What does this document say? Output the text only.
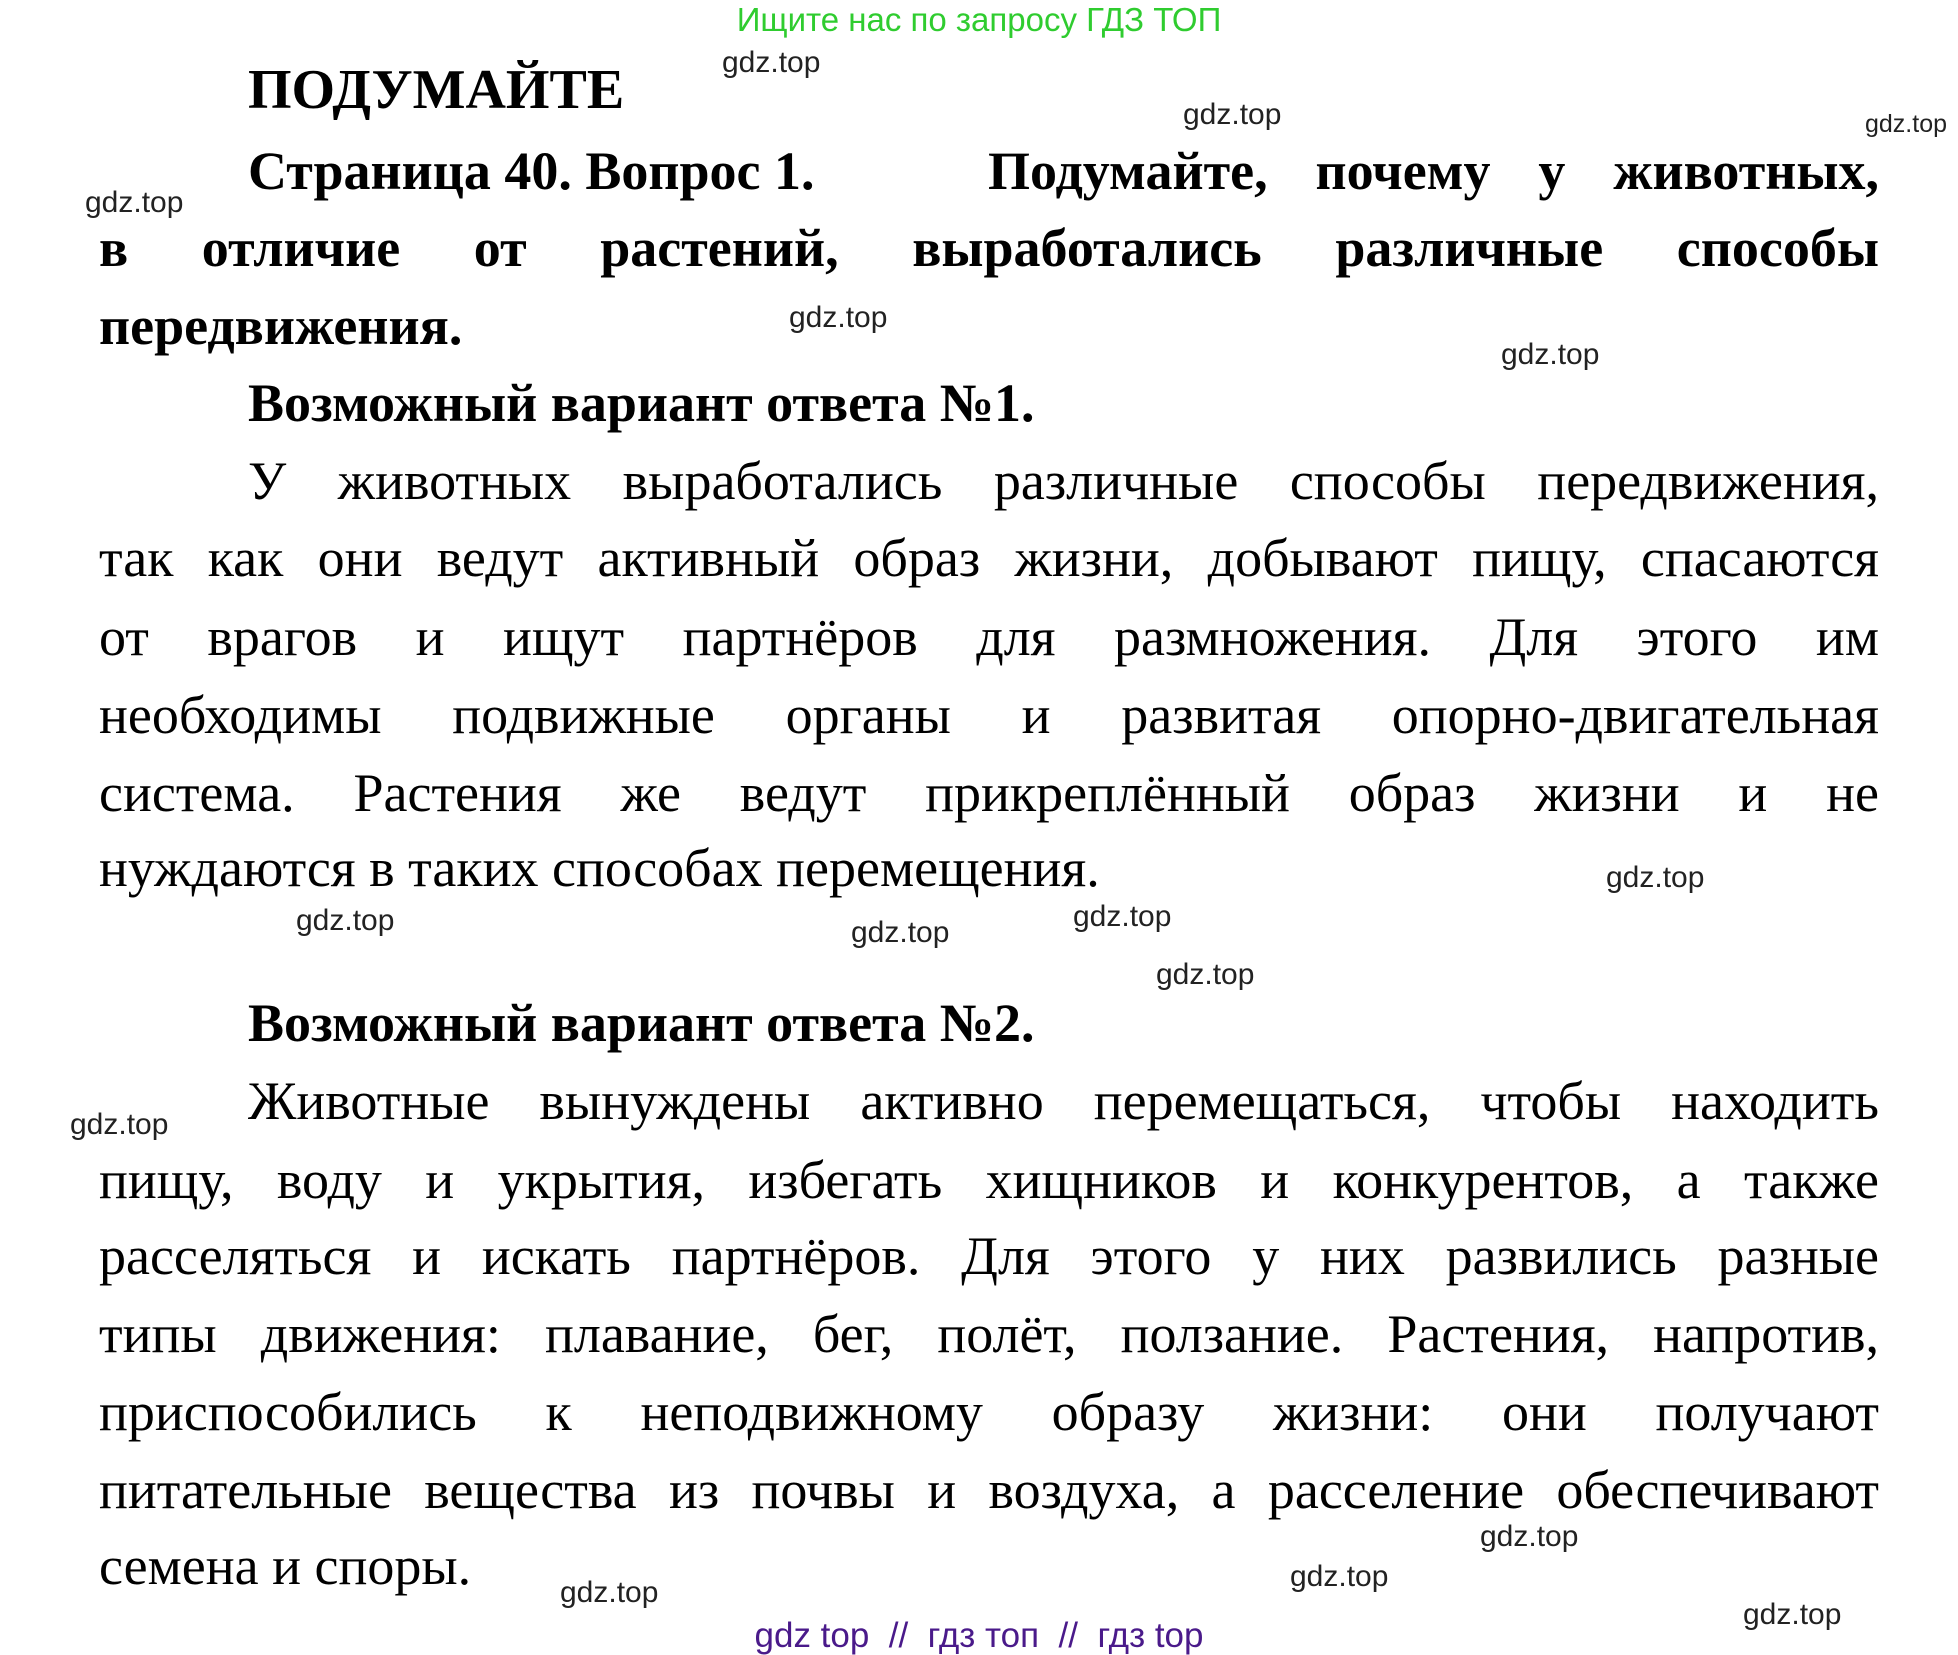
Ищите нас по запросу ГДЗ ТОП
ПОДУМАЙТЕ
Страница 40. Вопрос 1.	Подумайте, почему у животных,
в отличие от растений, выработались различные способы
передвижения.
Возможный вариант ответа №1.
У животных выработались различные способы передвижения,
так как они ведут активный образ жизни, добывают пищу, спасаются
от врагов и ищут партнёров для размножения. Для этого им
необходимы подвижные органы и развитая опорно-двигательная
система. Растения же ведут прикреплённый образ жизни и не
нуждаются в таких способах перемещения.
Возможный вариант ответа №2.
Животные вынуждены активно перемещаться, чтобы находить
пищу, воду и укрытия, избегать хищников и конкурентов, а также
расселяться и искать партнёров. Для этого у них развились разные
типы движения: плавание, бег, полёт, ползание. Растения, напротив,
приспособились к неподвижному образу жизни: они получают
питательные вещества из почвы и воздуха, а расселение обеспечивают
семена и споры.
gdz.top
gdz.top	gdz.top
gdz.top
gdz.top
gdz.top
gdz.top
gdz.top
gdz.top
gdz.top
gdz.top
gdz.top
gdz.top
gdz.top
gdz.top
gdz.top
gdz top  //  гдз топ  //  гдз top
